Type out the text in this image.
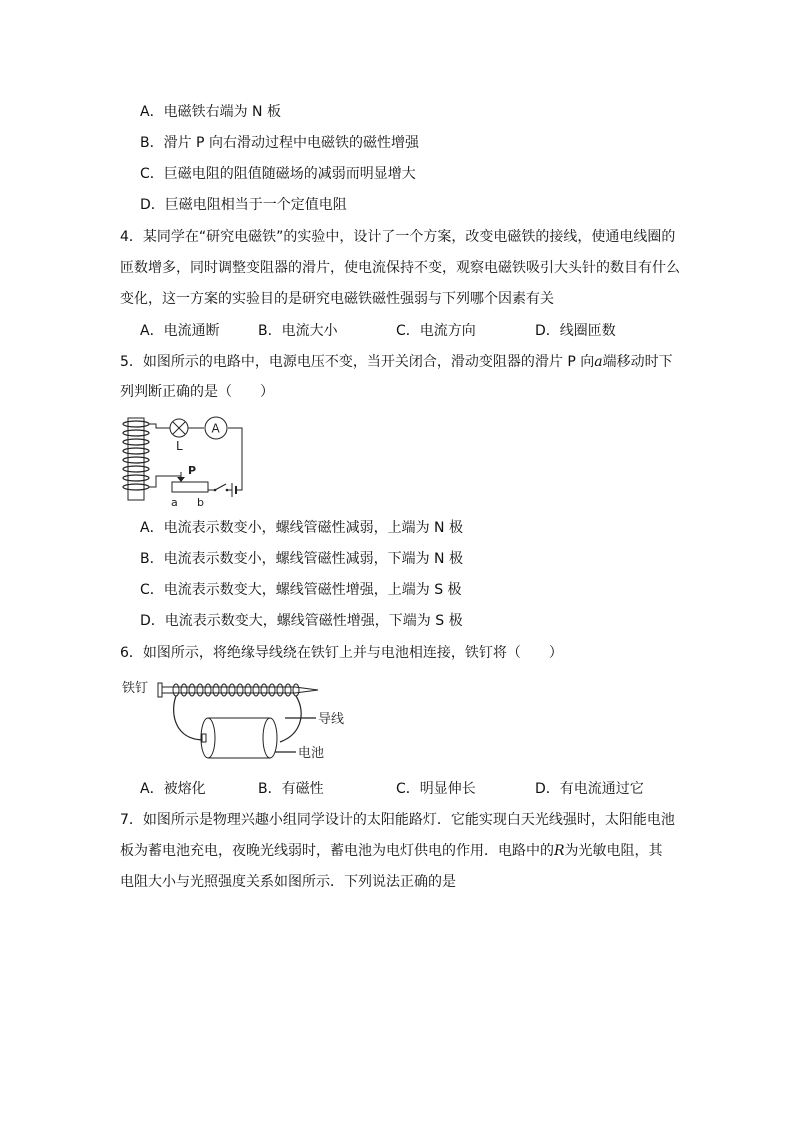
A．电磁铁右端为 N 板
B．滑片 P 向右滑动过程中电磁铁的磁性增强
C．巨磁电阻的阻值随磁场的减弱而明显增大
D．巨磁电阻相当于一个定值电阻
4．某同学在“研究电磁铁”的实验中，设计了一个方案，改变电磁铁的接线，使通电线圈的
匝数增多，同时调整变阻器的滑片，使电流保持不变，观察电磁铁吸引大头针的数目有什么
变化，这一方案的实验目的是研究电磁铁磁性强弱与下列哪个因素有关
A．电流通断	B．电流大小	C．电流方向	D．线圈匝数
5．如图所示的电路中，电源电压不变，当开关闭合，滑动变阻器的滑片 P 向a端移动时下
列判断正确的是（　　）
L
A
P
a b
A．电流表示数变小，螺线管磁性减弱，上端为 N 极
B．电流表示数变小，螺线管磁性减弱，下端为 N 极
C．电流表示数变大，螺线管磁性增强，上端为 S 极
D．电流表示数变大，螺线管磁性增强，下端为 S 极
6．如图所示，将绝缘导线绕在铁钉上并与电池相连接，铁钉将（　　）
铁钉
导线
电池
A．被熔化	B．有磁性	C．明显伸长	D．有电流通过它
7．如图所示是物理兴趣小组同学设计的太阳能路灯．它能实现白天光线强时，太阳能电池
板为蓄电池充电，夜晚光线弱时，蓄电池为电灯供电的作用．电路中的R为光敏电阻，其
电阻大小与光照强度关系如图所示．下列说法正确的是
